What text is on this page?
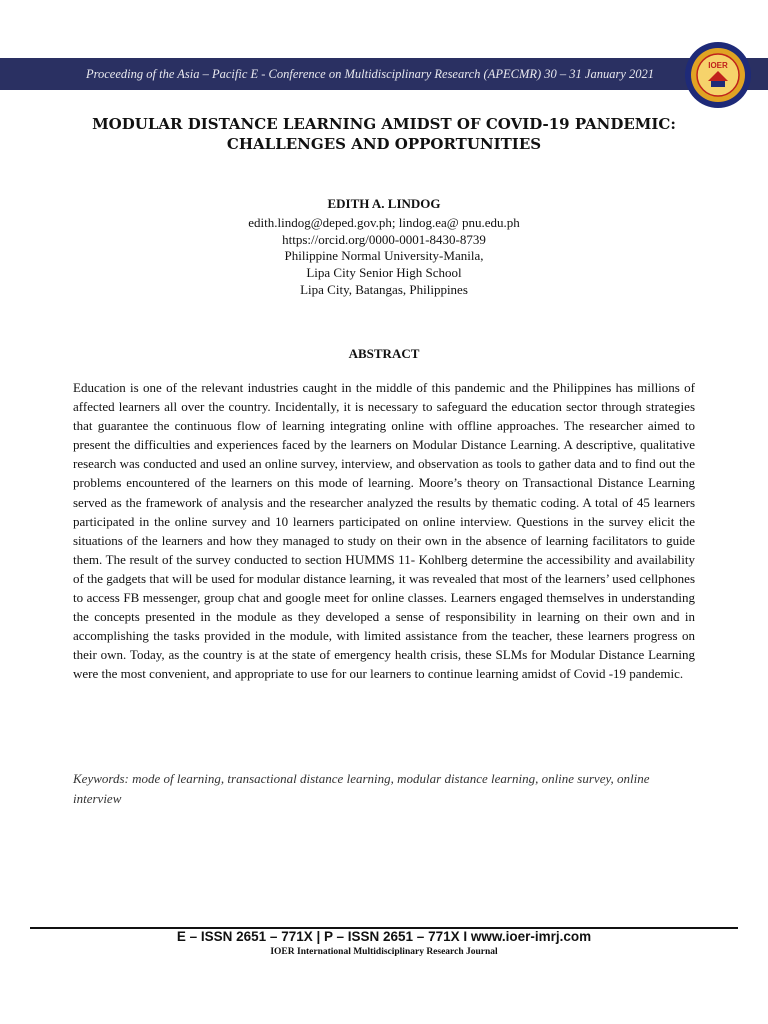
Proceeding of the Asia – Pacific E - Conference on Multidisciplinary Research (APECMR) 30 – 31 January 2021
IOER
MODULAR DISTANCE LEARNING AMIDST OF COVID-19 PANDEMIC:
CHALLENGES AND OPPORTUNITIES
EDITH A. LINDOG
edith.lindog@deped.gov.ph; lindog.ea@ pnu.edu.ph
https://orcid.org/0000-0001-8430-8739
Philippine Normal University-Manila,
Lipa City Senior High School
Lipa City, Batangas, Philippines
ABSTRACT
Education is one of the relevant industries caught in the middle of this pandemic and the Philippines has millions of affected learners all over the country. Incidentally, it is necessary to safeguard the education sector through strategies that guarantee the continuous flow of learning integrating online with offline approaches. The researcher aimed to present the difficulties and experiences faced by the learners on Modular Distance Learning. A descriptive, qualitative research was conducted and used an online survey, interview, and observation as tools to gather data and to find out the problems encountered of the learners on this mode of learning. Moore’s theory on Transactional Distance Learning served as the framework of analysis and the researcher analyzed the results by thematic coding. A total of 45 learners participated in the online survey and 10 learners participated on online interview. Questions in the survey elicit the situations of the learners and how they managed to study on their own in the absence of learning facilitators to guide them. The result of the survey conducted to section HUMMS 11- Kohlberg determine the accessibility and availability of the gadgets that will be used for modular distance learning, it was revealed that most of the learners’ used cellphones to access FB messenger, group chat and google meet for online classes. Learners engaged themselves in understanding the concepts presented in the module as they developed a sense of responsibility in learning on their own and in accomplishing the tasks provided in the module, with limited assistance from the teacher, these learners progress on their own. Today, as the country is at the state of emergency health crisis, these SLMs for Modular Distance Learning were the most convenient, and appropriate to use for our learners to continue learning amidst of Covid -19 pandemic.
Keywords: mode of learning, transactional distance learning, modular distance learning, online survey, online interview
E – ISSN 2651 – 771X | P – ISSN 2651 – 771X I www.ioer-imrj.com
IOER International Multidisciplinary Research Journal
